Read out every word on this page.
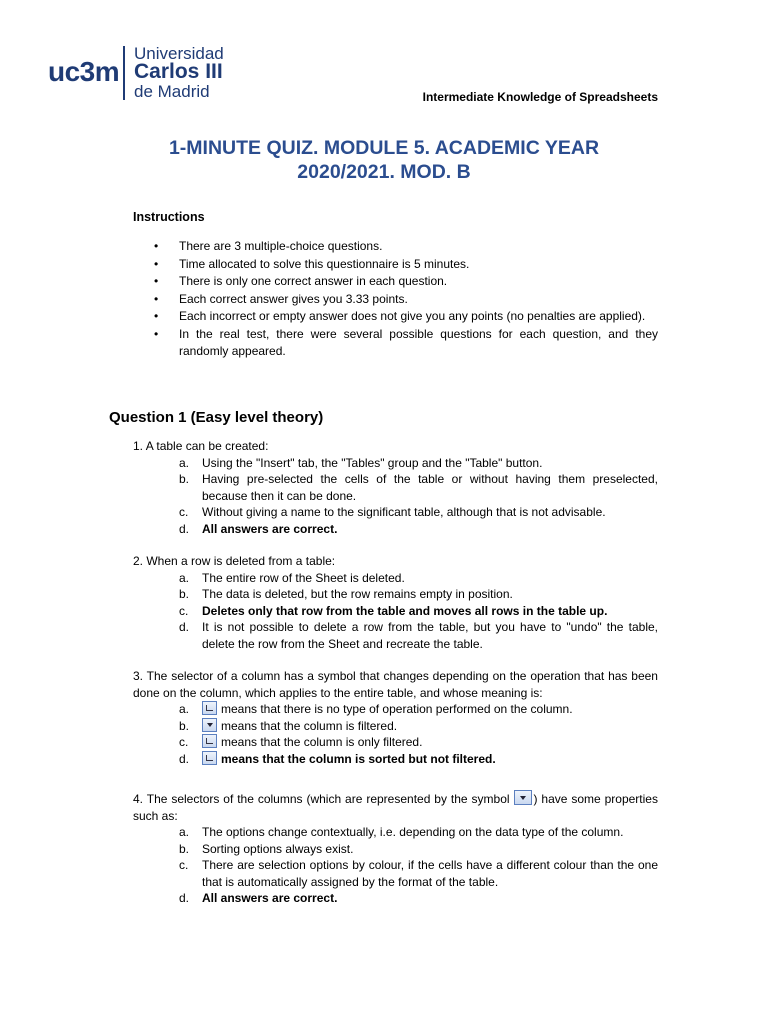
uc3m
Universidad
Carlos III
de Madrid	Intermediate Knowledge of Spreadsheets
1-MINUTE QUIZ. MODULE 5. ACADEMIC YEAR
2020/2021. MOD. B
Instructions
• There are 3 multiple-choice questions.
• Time allocated to solve this questionnaire is 5 minutes.
• There is only one correct answer in each question.
• Each correct answer gives you 3.33 points.
• Each incorrect or empty answer does not give you any points (no penalties are applied).
• In the real test, there were several possible questions for each question, and they randomly appeared.
Question 1 (Easy level theory)
1. A table can be created:
a. Using the "Insert" tab, the "Tables" group and the "Table" button.
b. Having pre-selected the cells of the table or without having them preselected, because then it can be done.
c. Without giving a name to the significant table, although that is not advisable.
d. All answers are correct.
2. When a row is deleted from a table:
a. The entire row of the Sheet is deleted.
b. The data is deleted, but the row remains empty in position.
c. Deletes only that row from the table and moves all rows in the table up.
d. It is not possible to delete a row from the table, but you have to "undo" the table, delete the row from the Sheet and recreate the table.
3. The selector of a column has a symbol that changes depending on the operation that has been done on the column, which applies to the entire table, and whose meaning is:
a.	means that there is no type of operation performed on the column.
b.	means that the column is filtered.
c.	means that the column is only filtered.
d.	means that the column is sorted but not filtered.
4. The selectors of the columns (which are represented by the symbol ) have some properties such as:
a. The options change contextually, i.e. depending on the data type of the column.
b. Sorting options always exist.
c. There are selection options by colour, if the cells have a different colour than the one that is automatically assigned by the format of the table.
d. All answers are correct.
